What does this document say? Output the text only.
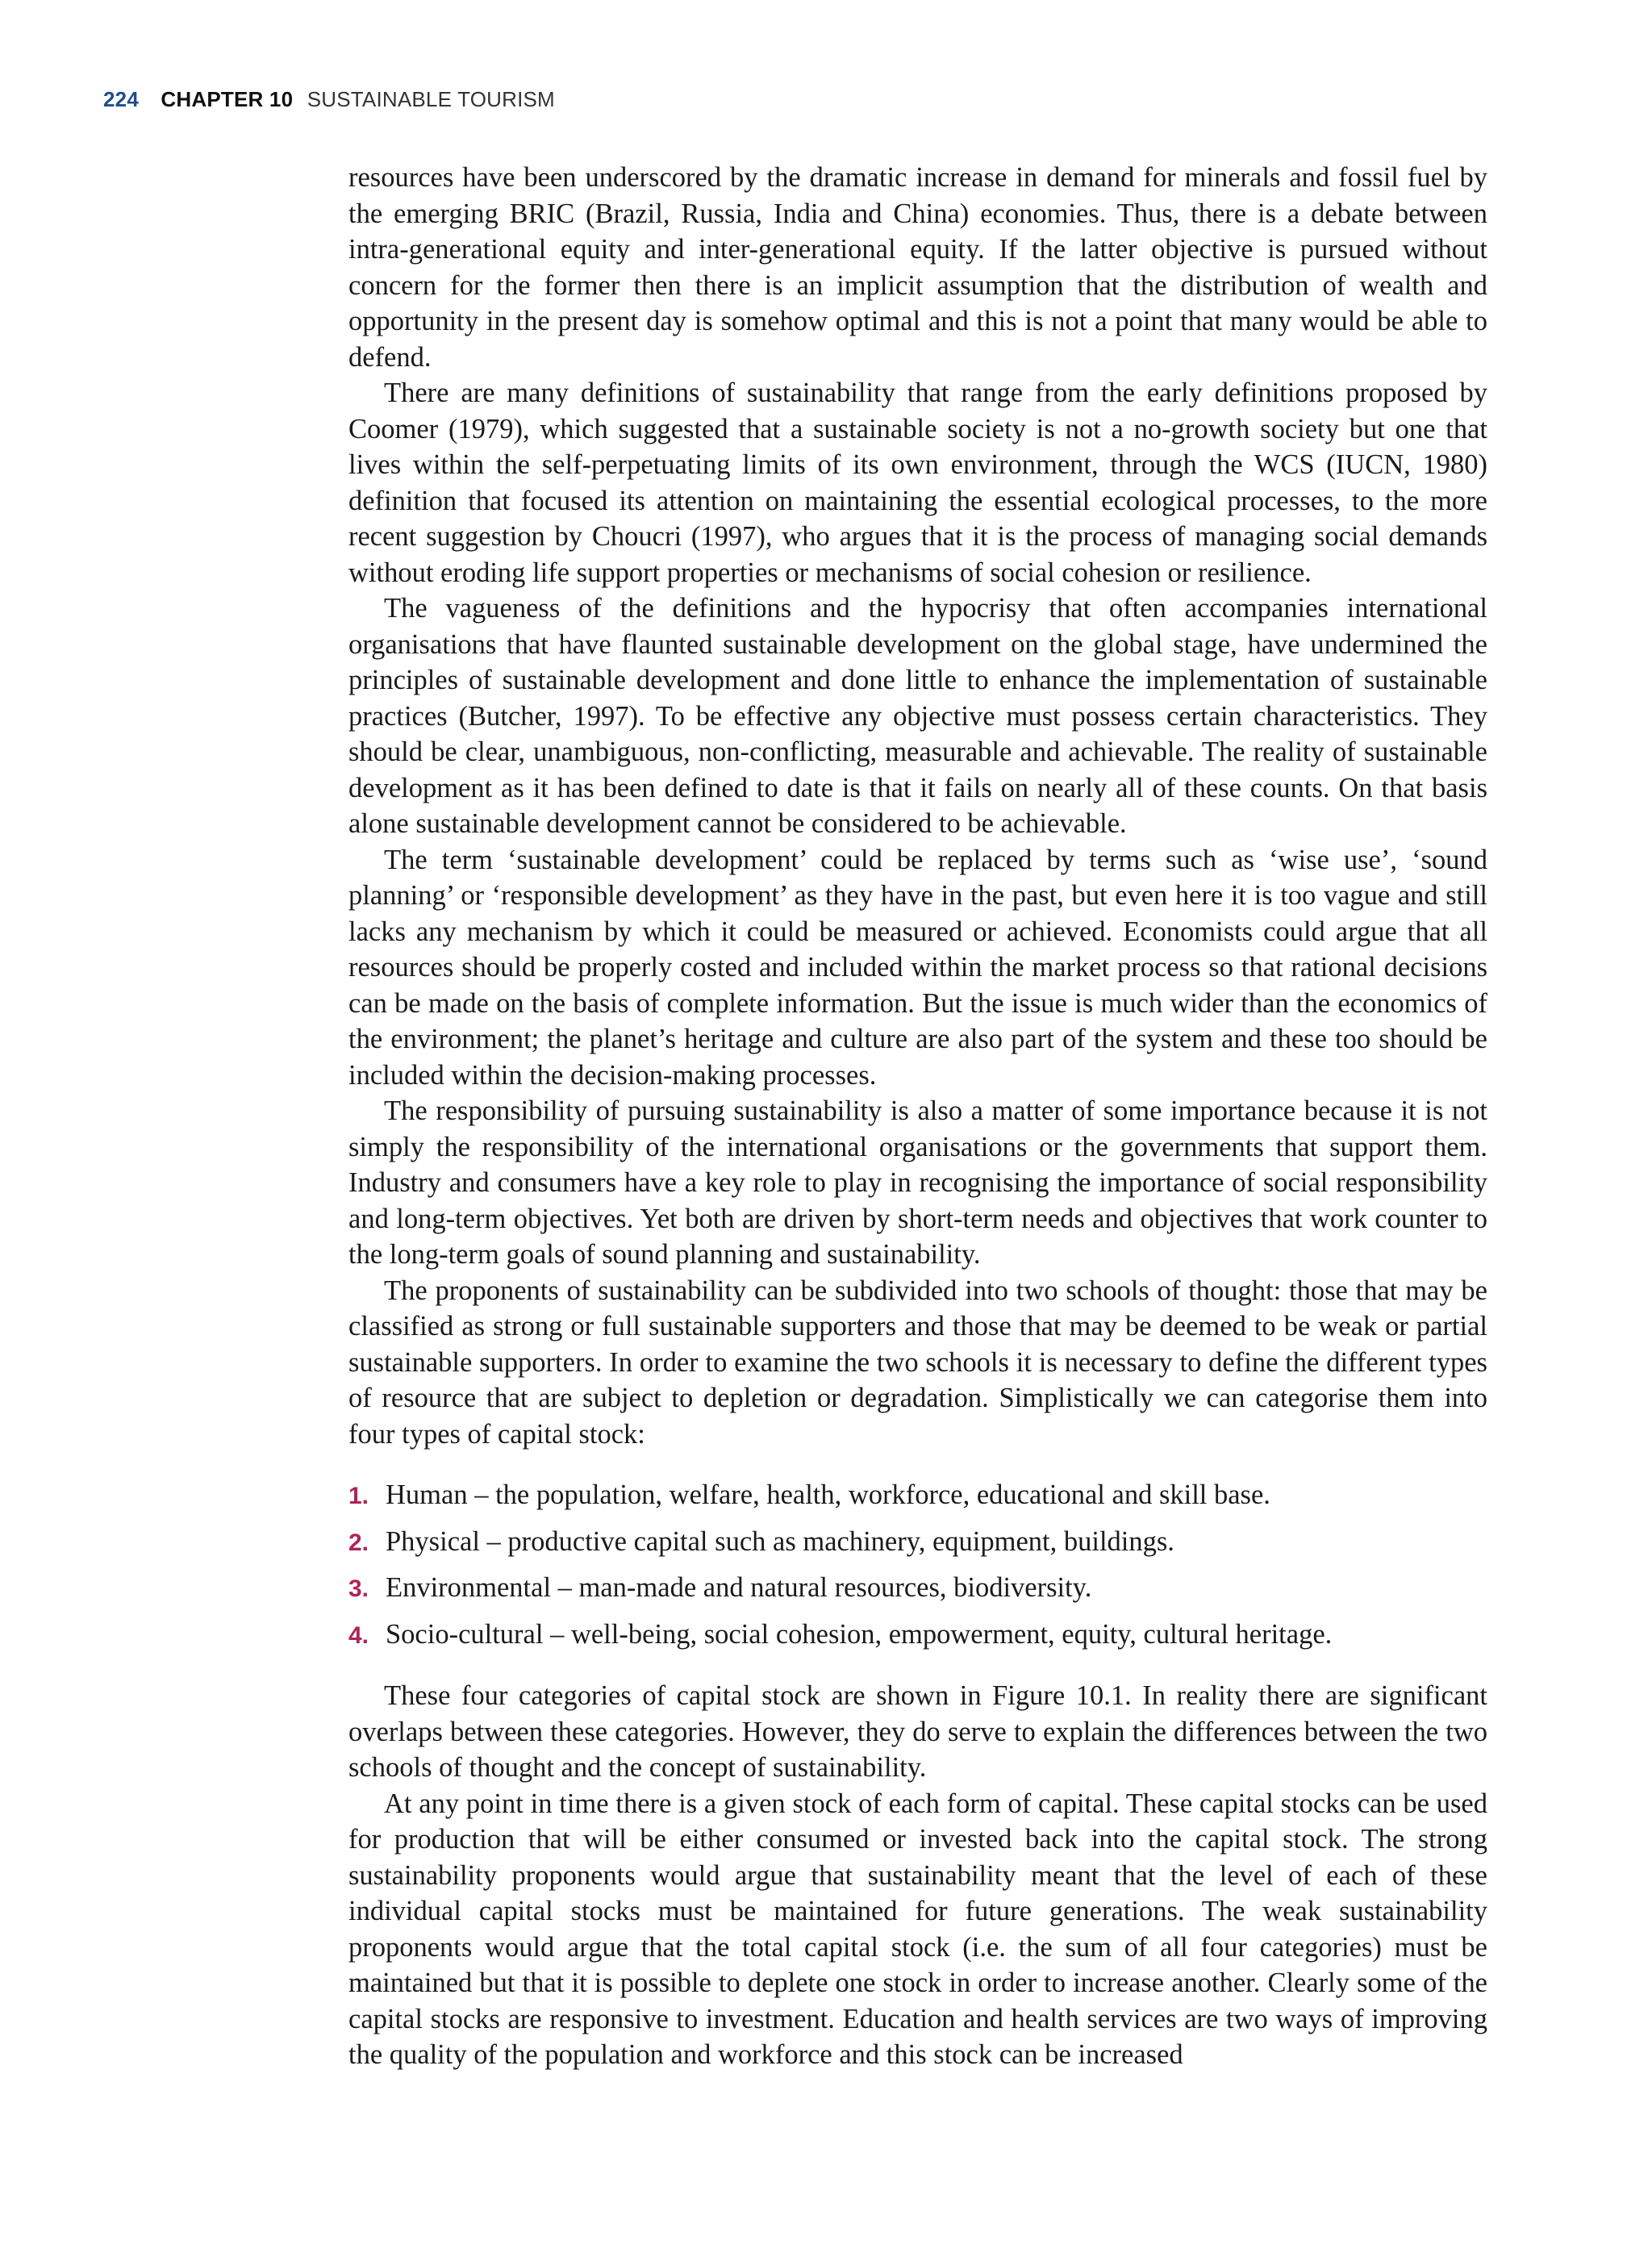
224 CHAPTER 10 SUSTAINABLE TOURISM

resources have been underscored by the dramatic increase in demand for minerals and fossil fuel by the emerging BRIC (Brazil, Russia, India and China) economies. Thus, there is a debate between intra-generational equity and inter-generational equity. If the latter objective is pursued without concern for the former then there is an implicit assumption that the distribution of wealth and opportunity in the present day is somehow optimal and this is not a point that many would be able to defend.

There are many definitions of sustainability that range from the early definitions proposed by Coomer (1979), which suggested that a sustainable society is not a no-growth society but one that lives within the self-perpetuating limits of its own environment, through the WCS (IUCN, 1980) definition that focused its attention on maintaining the essential ecological processes, to the more recent suggestion by Choucri (1997), who argues that it is the process of managing social demands without eroding life support properties or mechanisms of social cohesion or resilience.

The vagueness of the definitions and the hypocrisy that often accompanies international organisations that have flaunted sustainable development on the global stage, have undermined the principles of sustainable development and done little to enhance the implementation of sustainable practices (Butcher, 1997). To be effective any objective must possess certain characteristics. They should be clear, unambiguous, non-conflicting, measurable and achievable. The reality of sustainable development as it has been defined to date is that it fails on nearly all of these counts. On that basis alone sustainable development cannot be considered to be achievable.

The term ‘sustainable development’ could be replaced by terms such as ‘wise use’, ‘sound planning’ or ‘responsible development’ as they have in the past, but even here it is too vague and still lacks any mechanism by which it could be measured or achieved. Economists could argue that all resources should be properly costed and included within the market process so that rational decisions can be made on the basis of complete information. But the issue is much wider than the economics of the environment; the planet’s heritage and culture are also part of the system and these too should be included within the decision-making processes.

The responsibility of pursuing sustainability is also a matter of some importance because it is not simply the responsibility of the international organisations or the governments that support them. Industry and consumers have a key role to play in recognising the importance of social responsibility and long-term objectives. Yet both are driven by short-term needs and objectives that work counter to the long-term goals of sound planning and sustainability.

The proponents of sustainability can be subdivided into two schools of thought: those that may be classified as strong or full sustainable supporters and those that may be deemed to be weak or partial sustainable supporters. In order to examine the two schools it is necessary to define the different types of resource that are subject to depletion or degradation. Simplistically we can categorise them into four types of capital stock:

1. Human – the population, welfare, health, workforce, educational and skill base.
2. Physical – productive capital such as machinery, equipment, buildings.
3. Environmental – man-made and natural resources, biodiversity.
4. Socio-cultural – well-being, social cohesion, empowerment, equity, cultural heritage.

These four categories of capital stock are shown in Figure 10.1. In reality there are significant overlaps between these categories. However, they do serve to explain the differences between the two schools of thought and the concept of sustainability.

At any point in time there is a given stock of each form of capital. These capital stocks can be used for production that will be either consumed or invested back into the capital stock. The strong sustainability proponents would argue that sustainability meant that the level of each of these individual capital stocks must be maintained for future generations. The weak sustainability proponents would argue that the total capital stock (i.e. the sum of all four categories) must be maintained but that it is possible to deplete one stock in order to increase another. Clearly some of the capital stocks are responsive to investment. Education and health services are two ways of improving the quality of the population and workforce and this stock can be increased
